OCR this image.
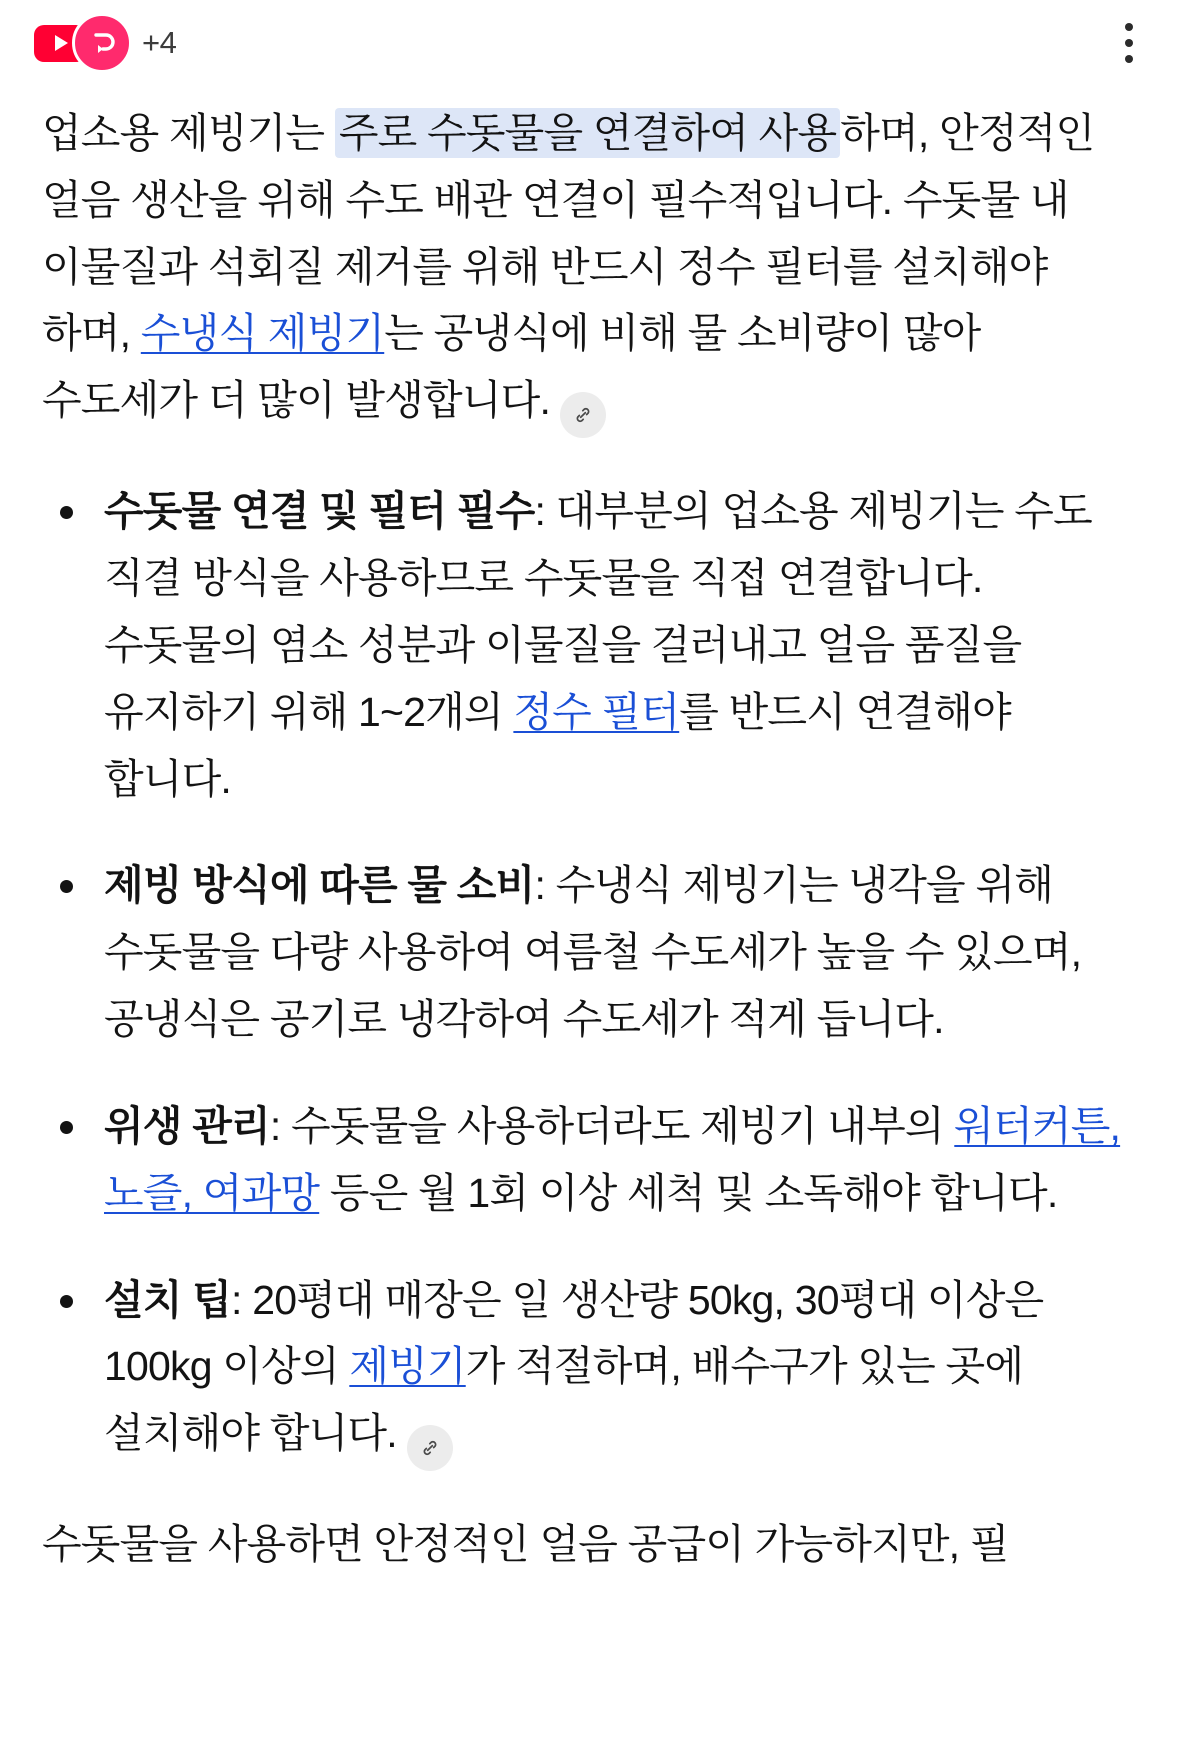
+4

업소용 제빙기는 주로 수돗물을 연결하여 사용하며, 안정적인 얼음 생산을 위해 수도 배관 연결이 필수적입니다. 수돗물 내 이물질과 석회질 제거를 위해 반드시 정수 필터를 설치해야 하며, 수냉식 제빙기는 공냉식에 비해 물 소비량이 많아 수도세가 더 많이 발생합니다.

수돗물 연결 및 필터 필수: 대부분의 업소용 제빙기는 수도 직결 방식을 사용하므로 수돗물을 직접 연결합니다. 수돗물의 염소 성분과 이물질을 걸러내고 얼음 품질을 유지하기 위해 1~2개의 정수 필터를 반드시 연결해야 합니다.
제빙 방식에 따른 물 소비: 수냉식 제빙기는 냉각을 위해 수돗물을 다량 사용하여 여름철 수도세가 높을 수 있으며, 공냉식은 공기로 냉각하여 수도세가 적게 듭니다.
위생 관리: 수돗물을 사용하더라도 제빙기 내부의 워터커튼, 노즐, 여과망 등은 월 1회 이상 세척 및 소독해야 합니다.
설치 팁: 20평대 매장은 일 생산량 50kg, 30평대 이상은 100kg 이상의 제빙기가 적절하며, 배수구가 있는 곳에 설치해야 합니다.

수돗물을 사용하면 안정적인 얼음 공급이 가능하지만, 필
